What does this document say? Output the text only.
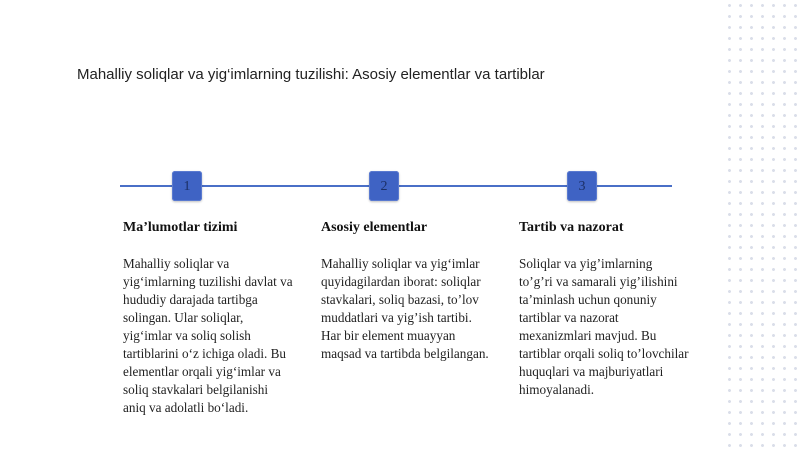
Mahalliy soliqlar va yig‘imlarning tuzilishi: Asosiy elementlar va tartiblar
1	2	3
Ma’lumotlar tizimi

Mahalliy soliqlar va yig‘imlarning tuzilishi davlat va hududiy darajada tartibga solingan. Ular soliqlar, yig‘imlar va soliq solish tartiblarini o‘z ichiga oladi. Bu elementlar orqali yig‘imlar va soliq stavkalari belgilanishi aniq va adolatli bo‘ladi.

Asosiy elementlar

Mahalliy soliqlar va yig‘imlar quyidagilardan iborat: soliqlar stavkalari, soliq bazasi, to’lov muddatlari va yig’ish tartibi. Har bir element muayyan maqsad va tartibda belgilangan.

Tartib va nazorat

Soliqlar va yig’imlarning to’g’ri va samarali yig’ilishini ta’minlash uchun qonuniy tartiblar va nazorat mexanizmlari mavjud. Bu tartiblar orqali soliq to’lovchilar huquqlari va majburiyatlari himoyalanadi.
